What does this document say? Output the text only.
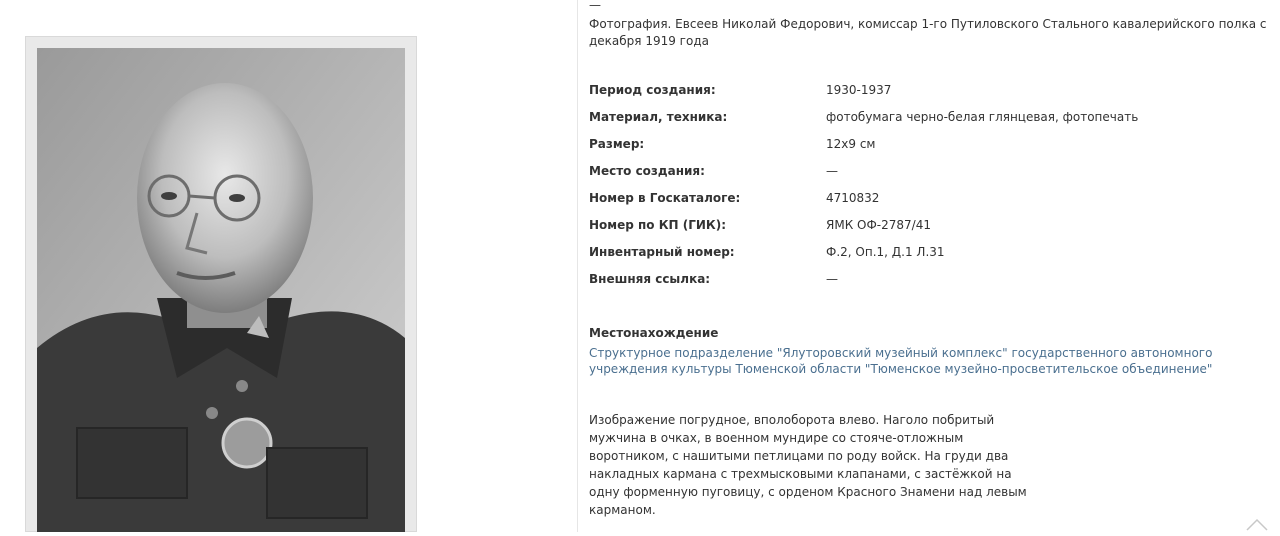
—
Фотография. Евсеев Николай Федорович, комиссар 1-го Путиловского Стального кавалерийского полка с декабря 1919 года
Период создания:	1930-1937
Материал, техника:	фотобумага черно-белая глянцевая, фотопечать
Размер:	12х9 см
Место создания:	—
Номер в Госкаталоге:	4710832
Номер по КП (ГИК):	ЯМК ОФ-2787/41
Инвентарный номер:	Ф.2, Оп.1, Д.1 Л.31
Внешняя ссылка:	—
Местонахождение
Структурное подразделение "Ялуторовский музейный комплекс" государственного автономного учреждения культуры Тюменской области "Тюменское музейно-просветительское объединение"
Изображение погрудное, вполоборота влево. Наголо побритый мужчина в очках, в военном мундире со стояче-отложным воротником, с нашитыми петлицами по роду войск. На груди два накладных кармана с трехмысковыми клапанами, с застёжкой на одну форменную пуговицу, с орденом Красного Знамени над левым карманом.
